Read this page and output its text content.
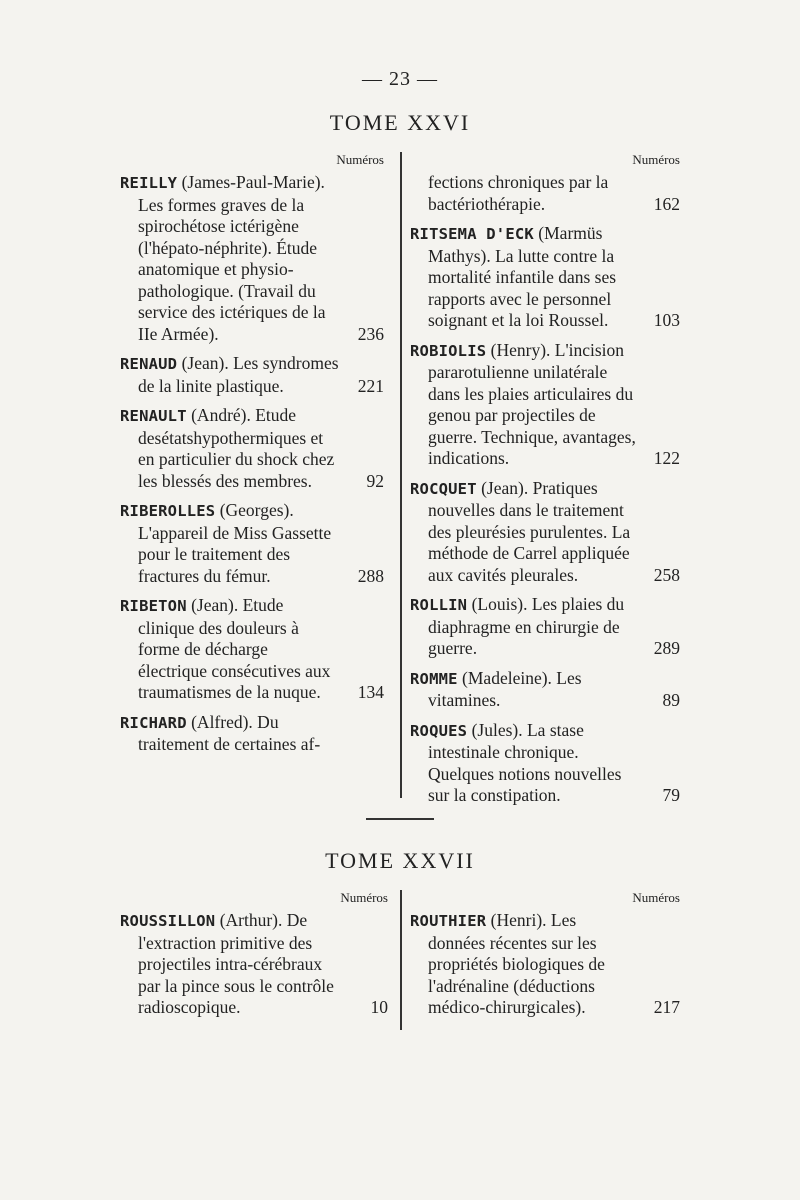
— 23 —
TOME XXVI
Numéros
REILLY (James-Paul-Marie). Les formes graves de la spirochétose ictérigène (l'hépato-néphrite). Étude anatomique et physio-pathologique. (Travail du service des ictériques de la IIe Armée).	236
RENAUD (Jean). Les syndromes de la linite plastique.	221
RENAULT (André). Etude desétatshypothermiques et en particulier du shock chez les blessés des membres.	92
RIBEROLLES (Georges). L'appareil de Miss Gassette pour le traitement des fractures du fémur.	288
RIBETON (Jean). Etude clinique des douleurs à forme de décharge électrique consécutives aux traumatismes de la nuque.	134
RICHARD (Alfred). Du traitement de certaines af-
Numéros
fections chroniques par la bactériothérapie.	162
RITSEMA D'ECK (Marmüs Mathys). La lutte contre la mortalité infantile dans ses rapports avec le personnel soignant et la loi Roussel.	103
ROBIOLIS (Henry). L'incision pararotulienne unilatérale dans les plaies articulaires du genou par projectiles de guerre. Technique, avantages, indications.	122
ROCQUET (Jean). Pratiques nouvelles dans le traitement des pleurésies purulentes. La méthode de Carrel appliquée aux cavités pleurales.	258
ROLLIN (Louis). Les plaies du diaphragme en chirurgie de guerre.	289
ROMME (Madeleine). Les vitamines.	89
ROQUES (Jules). La stase intestinale chronique. Quelques notions nouvelles sur la constipation.	79
TOME XXVII
Numéros
ROUSSILLON (Arthur). De l'extraction primitive des projectiles intra-cérébraux par la pince sous le contrôle radioscopique.	10
Numéros
ROUTHIER (Henri). Les données récentes sur les propriétés biologiques de l'adrénaline (déductions médico-chirurgicales).	217
